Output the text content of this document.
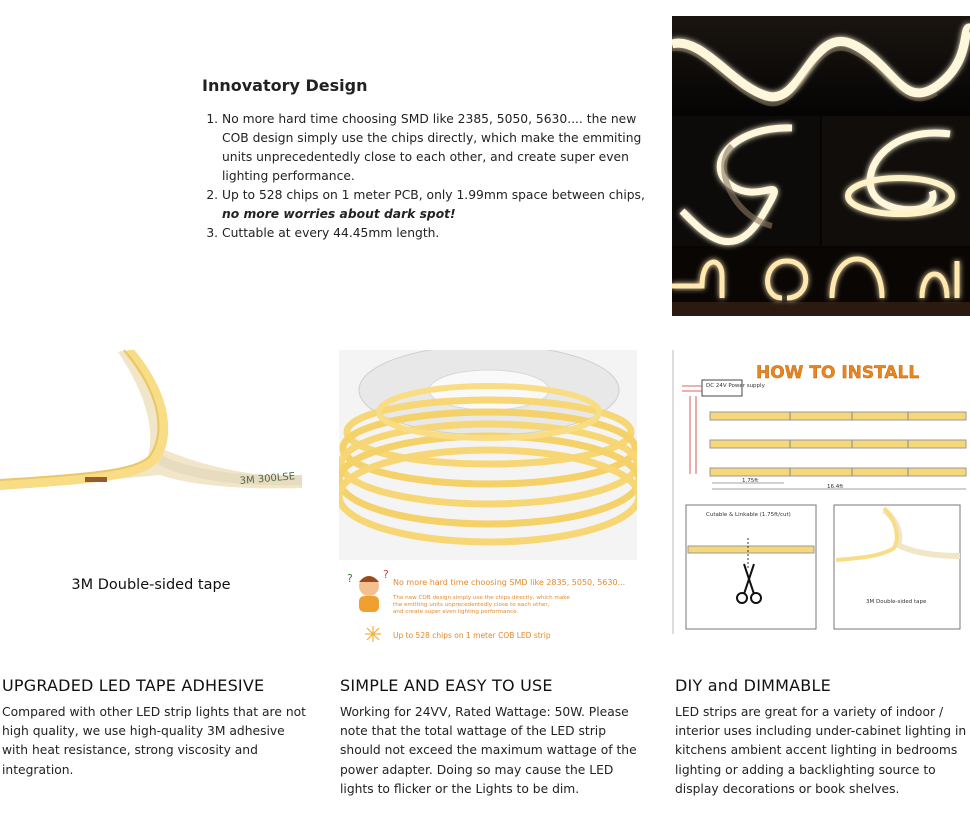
Innovatory Design
1. No more hard time choosing SMD like 2385, 5050, 5630.... the new COB design simply use the chips directly, which make the emmiting units unprecedentedly close to each other, and create super even lighting performance.
2. Up to 528 chips on 1 meter PCB, only 1.99mm space between chips,
no more worries about dark spot!
3. Cuttable at every 44.45mm length.
3M 300LSE
3M Double-sided tape	?	?
No more hard time choosing SMD like 2835, 5050, 5630...
The new COB design simply use the chips directly, which make
the emitting units unprecedentedly close to each other,
and create super even lighting performance.
Up to 528 chips on 1 meter COB LED strip
HOW TO INSTALL
DC 24V Power supply
1.75ft
16.4ft
Cutable & Linkable (1.75ft/cut)
3M Double-sided tape
UPGRADED LED TAPE ADHESIVE
Compared with other LED strip lights that are not high quality, we use high-quality 3M adhesive with heat resistance, strong viscosity and integration.
SIMPLE AND EASY TO USE
Working for 24VV, Rated Wattage: 50W. Please note that the total wattage of the LED strip should not exceed the maximum wattage of the power adapter. Doing so may cause the LED lights to flicker or the Lights to be dim.
DIY and DIMMABLE
LED strips are great for a variety of indoor / interior uses including under-cabinet lighting in kitchens ambient accent lighting in bedrooms lighting or adding a backlighting source to display decorations or book shelves.
